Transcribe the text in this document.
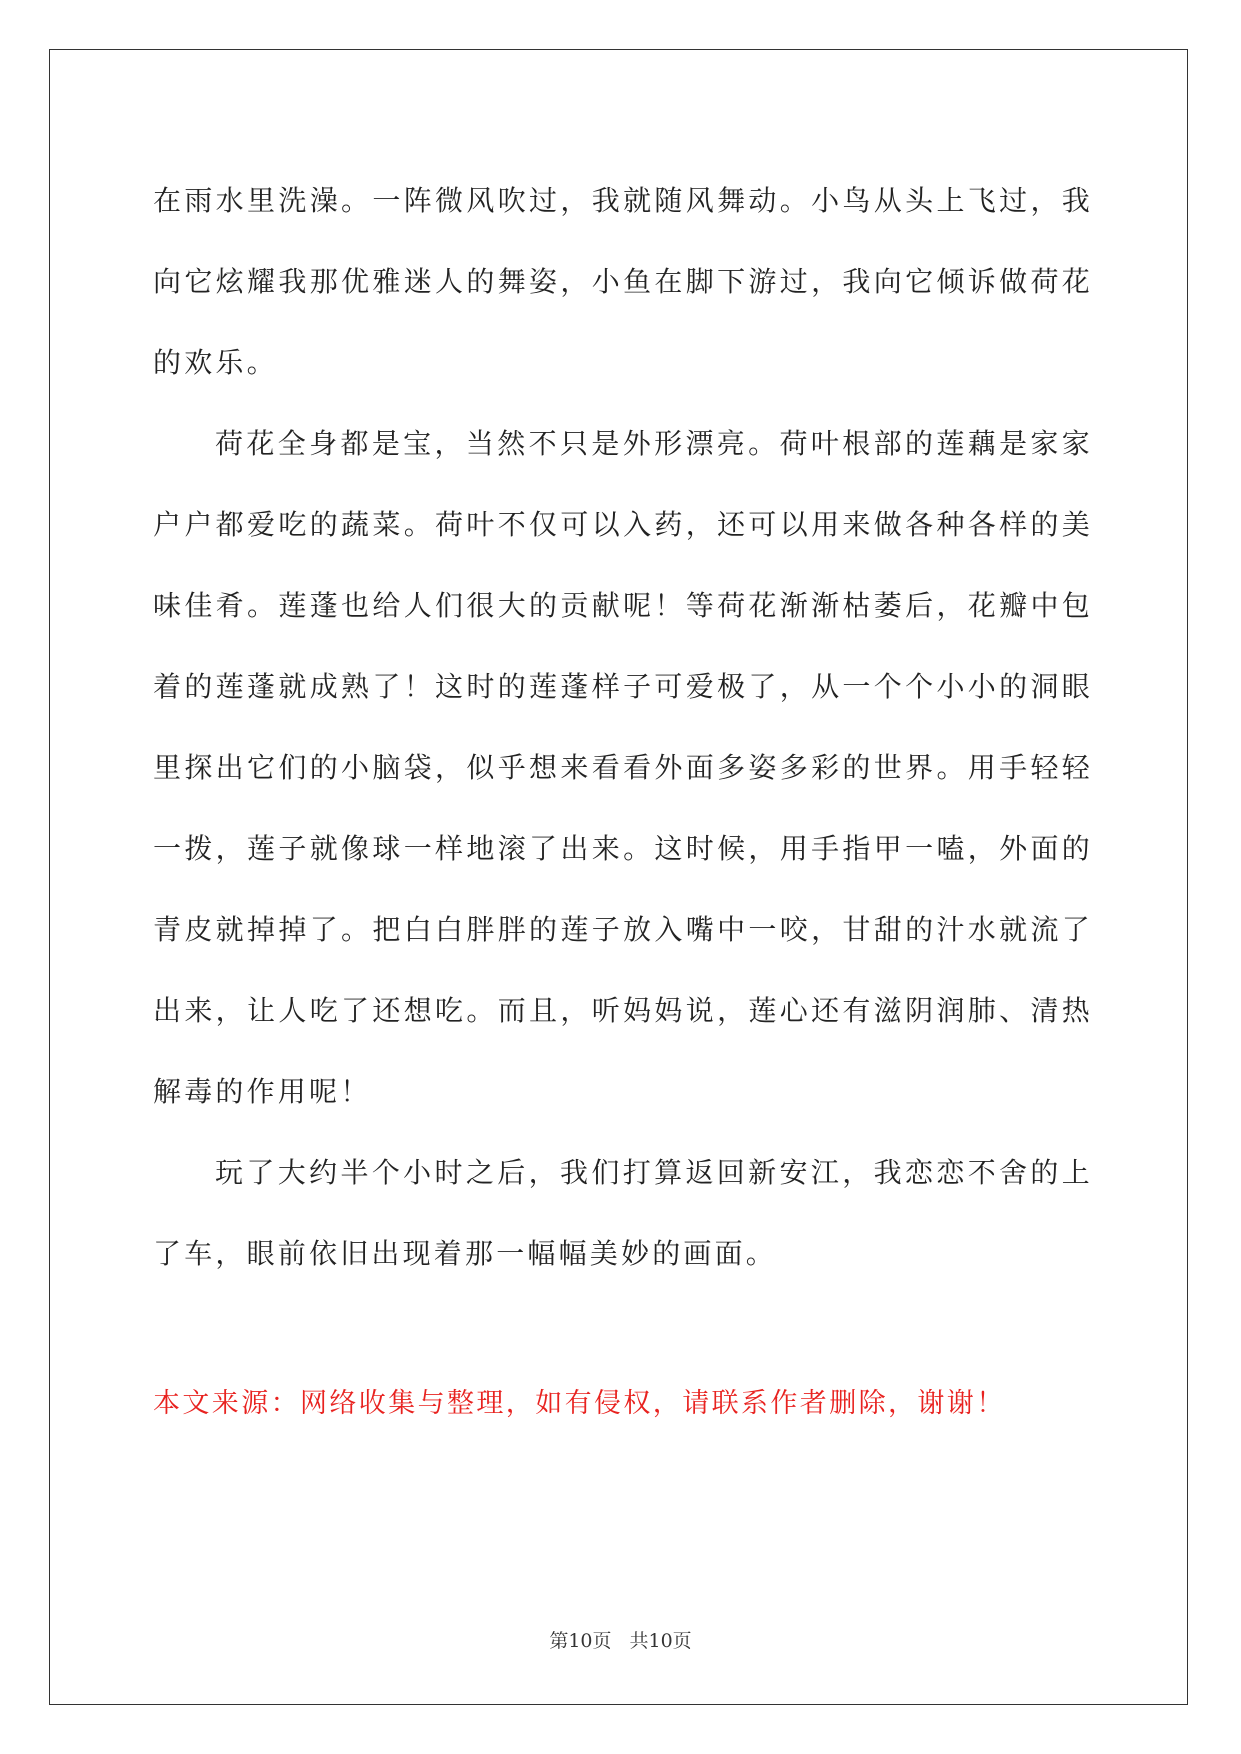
在雨水里洗澡。一阵微风吹过，我就随风舞动。小鸟从头上飞过，我向它炫耀我那优雅迷人的舞姿，小鱼在脚下游过，我向它倾诉做荷花的欢乐。

荷花全身都是宝，当然不只是外形漂亮。荷叶根部的莲藕是家家户户都爱吃的蔬菜。荷叶不仅可以入药，还可以用来做各种各样的美味佳肴。莲蓬也给人们很大的贡献呢！等荷花渐渐枯萎后，花瓣中包着的莲蓬就成熟了！这时的莲蓬样子可爱极了，从一个个小小的洞眼里探出它们的小脑袋，似乎想来看看外面多姿多彩的世界。用手轻轻一拨，莲子就像球一样地滚了出来。这时候，用手指甲一嗑，外面的青皮就掉掉了。把白白胖胖的莲子放入嘴中一咬，甘甜的汁水就流了出来，让人吃了还想吃。而且，听妈妈说，莲心还有滋阴润肺、清热解毒的作用呢！

玩了大约半个小时之后，我们打算返回新安江，我恋恋不舍的上了车，眼前依旧出现着那一幅幅美妙的画面。

本文来源：网络收集与整理，如有侵权，请联系作者删除，谢谢！

第10页 共10页
